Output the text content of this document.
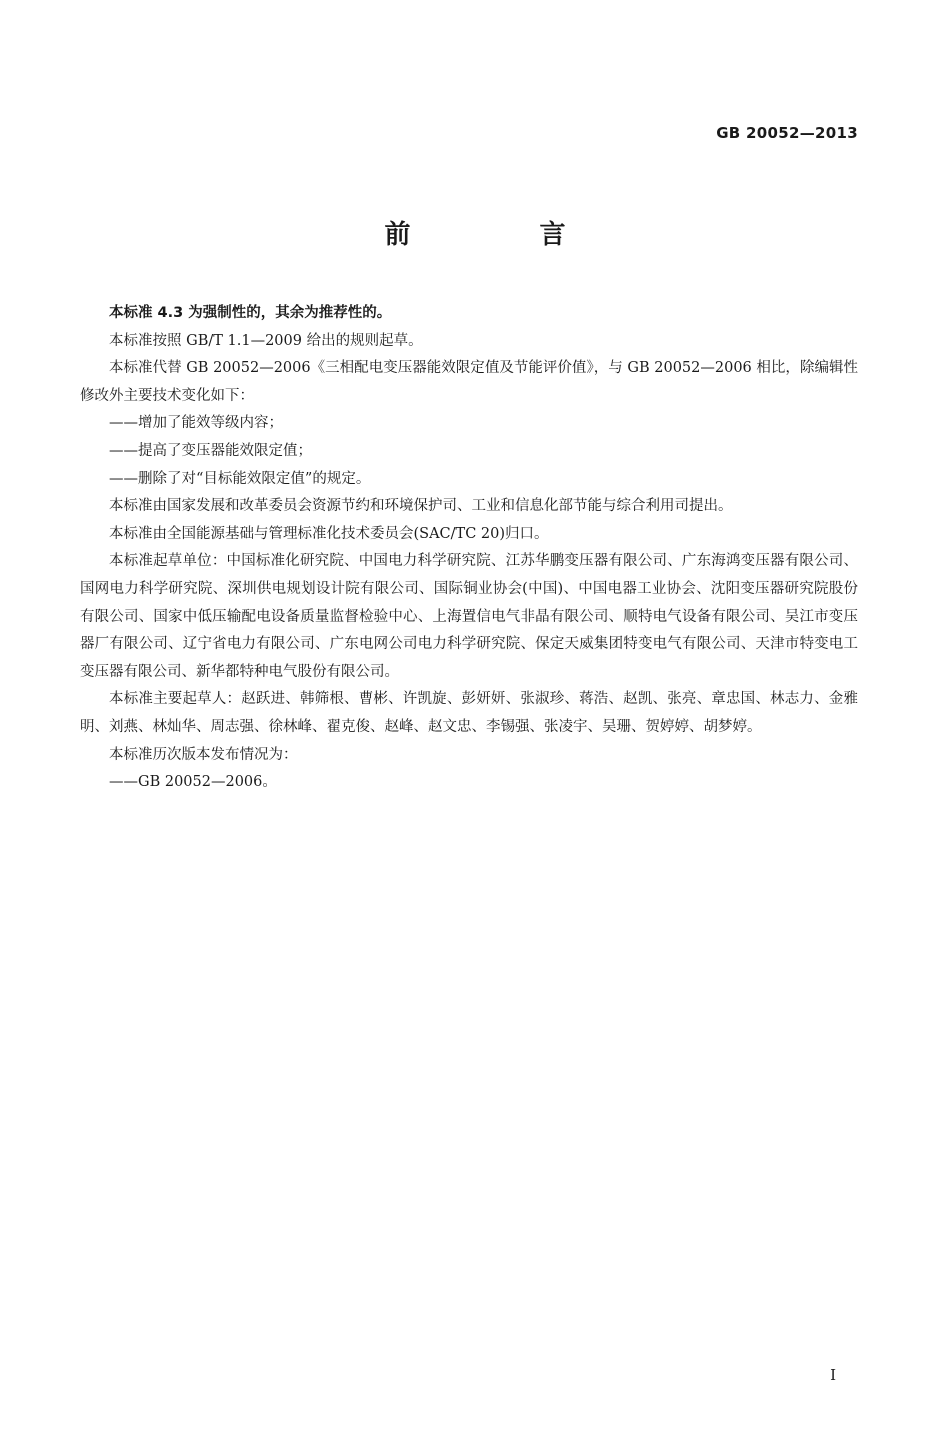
GB 20052—2013
前 言

本标准 4.3 为强制性的，其余为推荐性的。

本标准按照 GB/T 1.1—2009 给出的规则起草。

本标准代替 GB 20052—2006《三相配电变压器能效限定值及节能评价值》，与 GB 20052—2006 相比，除编辑性修改外主要技术变化如下：

——增加了能效等级内容；

——提高了变压器能效限定值；

——删除了对“目标能效限定值”的规定。

本标准由国家发展和改革委员会资源节约和环境保护司、工业和信息化部节能与综合利用司提出。

本标准由全国能源基础与管理标准化技术委员会(SAC/TC 20)归口。

本标准起草单位：中国标准化研究院、中国电力科学研究院、江苏华鹏变压器有限公司、广东海鸿变压器有限公司、国网电力科学研究院、深圳供电规划设计院有限公司、国际铜业协会(中国)、中国电器工业协会、沈阳变压器研究院股份有限公司、国家中低压输配电设备质量监督检验中心、上海置信电气非晶有限公司、顺特电气设备有限公司、吴江市变压器厂有限公司、辽宁省电力有限公司、广东电网公司电力科学研究院、保定天威集团特变电气有限公司、天津市特变电工变压器有限公司、新华都特种电气股份有限公司。

本标准主要起草人：赵跃进、韩筛根、曹彬、许凯旋、彭妍妍、张淑珍、蒋浩、赵凯、张亮、章忠国、林志力、金雅明、刘燕、林灿华、周志强、徐林峰、翟克俊、赵峰、赵文忠、李锡强、张凌宇、吴珊、贺婷婷、胡梦婷。

本标准历次版本发布情况为：

——GB 20052—2006。

I
